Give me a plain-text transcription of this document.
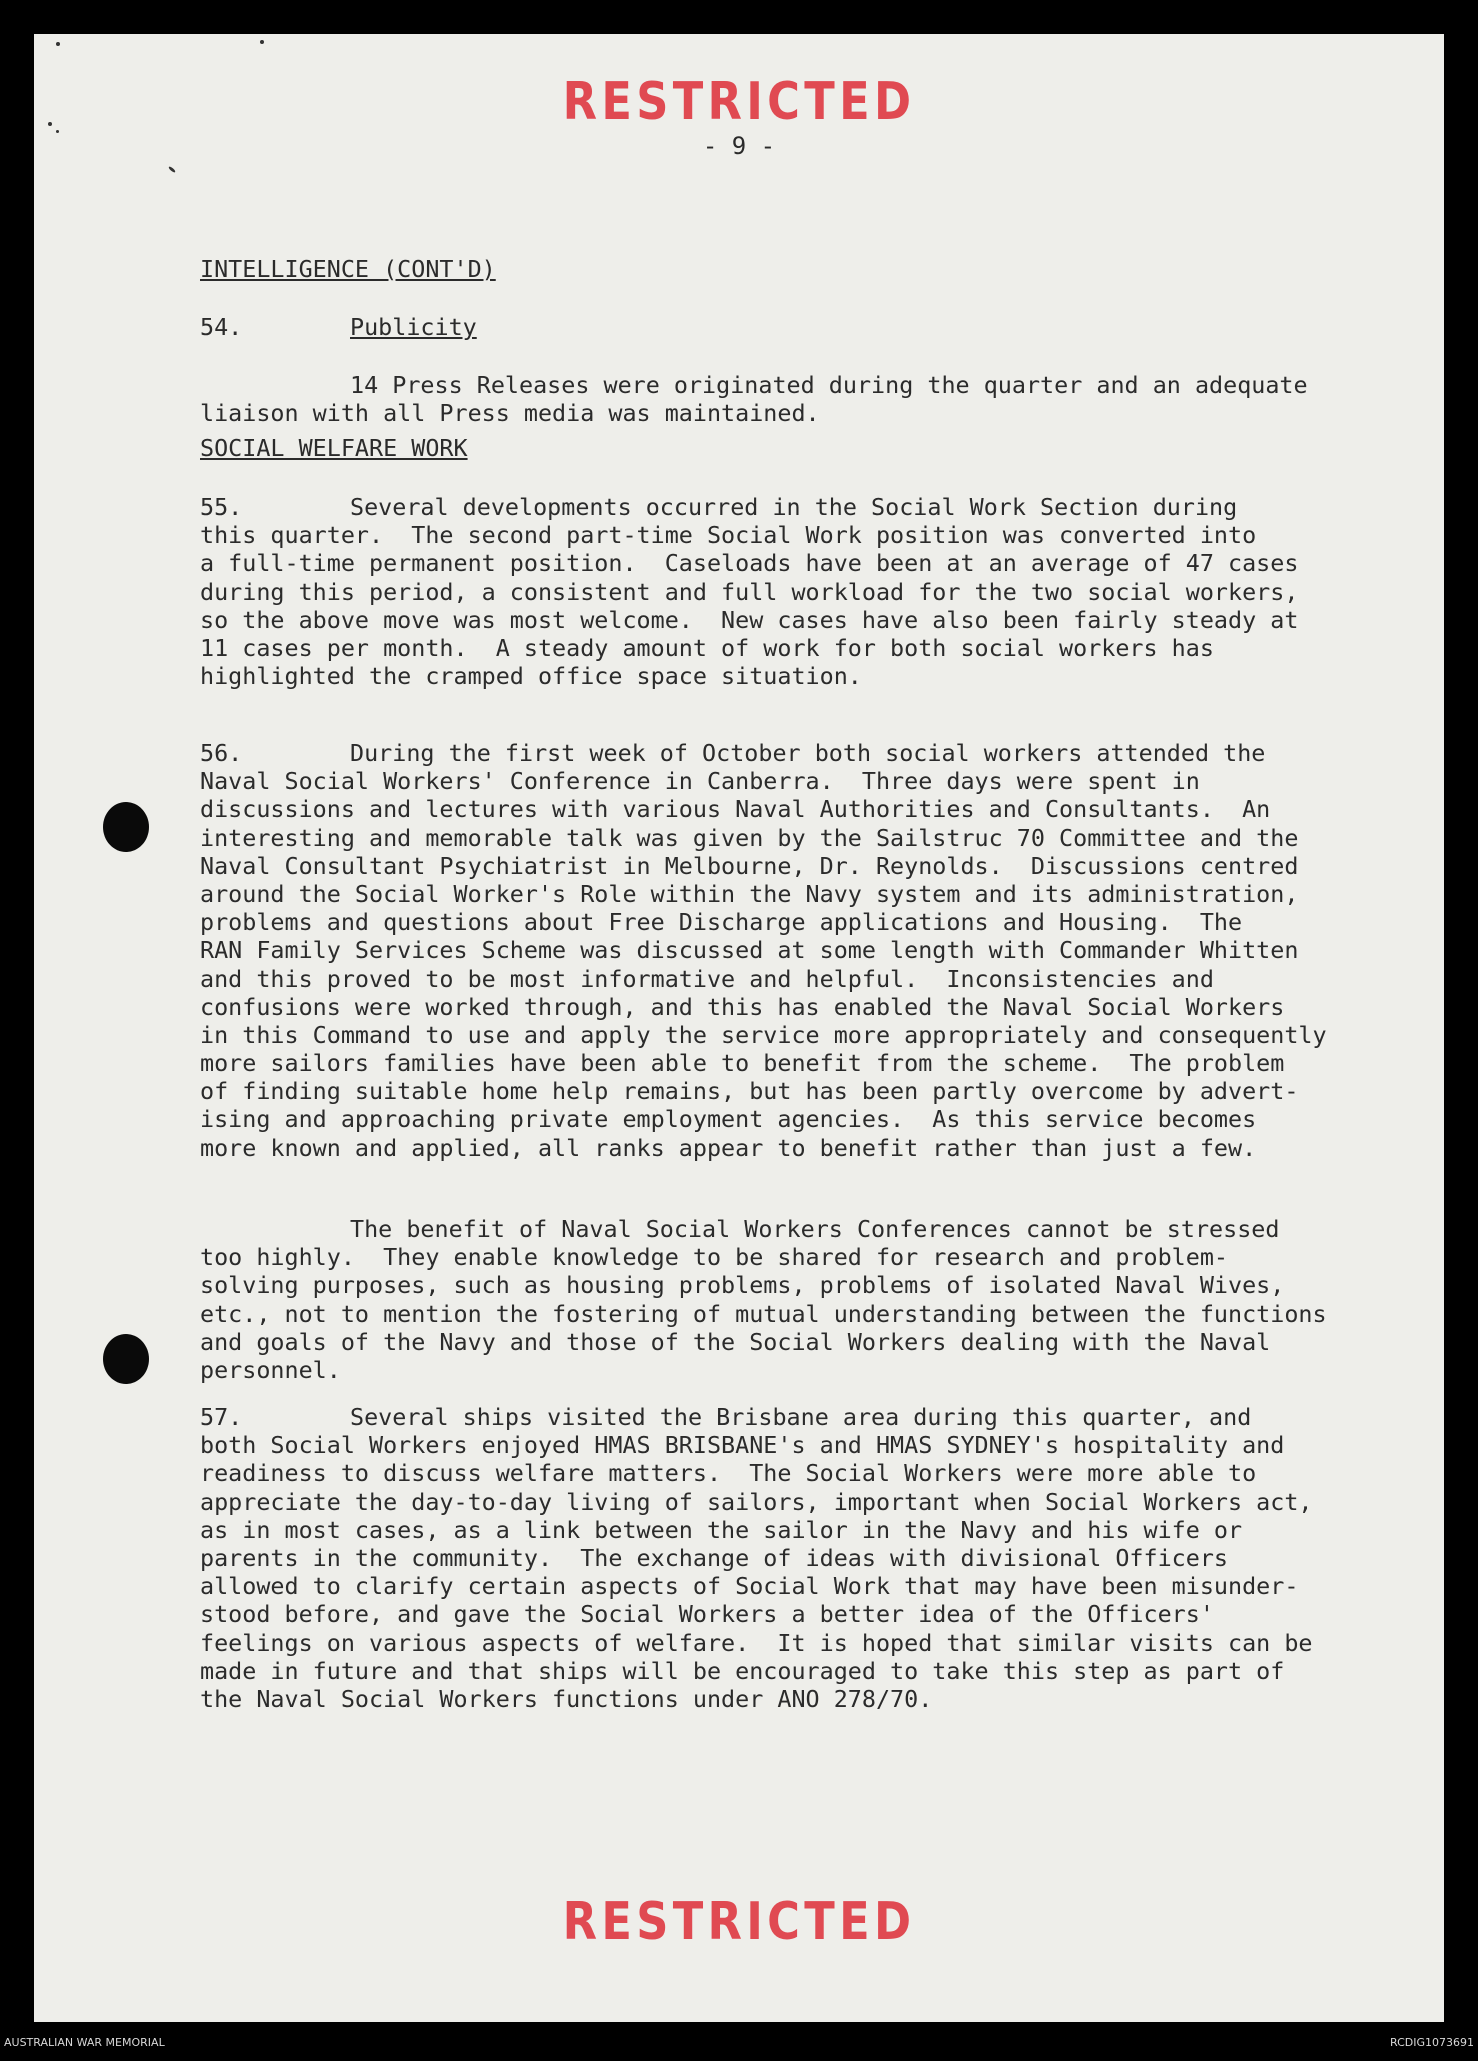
RESTRICTED
- 9 -
INTELLIGENCE (CONT'D)
54.	Publicity
14 Press Releases were originated during the quarter and an adequate
liaison with all Press media was maintained.
SOCIAL WELFARE WORK
55.	Several developments occurred in the Social Work Section during
this quarter.  The second part-time Social Work position was converted into
a full-time permanent position.  Caseloads have been at an average of 47 cases
during this period, a consistent and full workload for the two social workers,
so the above move was most welcome.  New cases have also been fairly steady at
11 cases per month.  A steady amount of work for both social workers has
highlighted the cramped office space situation.
56.	During the first week of October both social workers attended the
Naval Social Workers' Conference in Canberra.  Three days were spent in
discussions and lectures with various Naval Authorities and Consultants.  An
interesting and memorable talk was given by the Sailstruc 70 Committee and the
Naval Consultant Psychiatrist in Melbourne, Dr. Reynolds.  Discussions centred
around the Social Worker's Role within the Navy system and its administration,
problems and questions about Free Discharge applications and Housing.  The
RAN Family Services Scheme was discussed at some length with Commander Whitten
and this proved to be most informative and helpful.  Inconsistencies and
confusions were worked through, and this has enabled the Naval Social Workers
in this Command to use and apply the service more appropriately and consequently
more sailors families have been able to benefit from the scheme.  The problem
of finding suitable home help remains, but has been partly overcome by advert-
ising and approaching private employment agencies.  As this service becomes
more known and applied, all ranks appear to benefit rather than just a few.
The benefit of Naval Social Workers Conferences cannot be stressed
too highly.  They enable knowledge to be shared for research and problem-
solving purposes, such as housing problems, problems of isolated Naval Wives,
etc., not to mention the fostering of mutual understanding between the functions
and goals of the Navy and those of the Social Workers dealing with the Naval
personnel.
57.	Several ships visited the Brisbane area during this quarter, and
both Social Workers enjoyed HMAS BRISBANE's and HMAS SYDNEY's hospitality and
readiness to discuss welfare matters.  The Social Workers were more able to
appreciate the day-to-day living of sailors, important when Social Workers act,
as in most cases, as a link between the sailor in the Navy and his wife or
parents in the community.  The exchange of ideas with divisional Officers
allowed to clarify certain aspects of Social Work that may have been misunder-
stood before, and gave the Social Workers a better idea of the Officers'
feelings on various aspects of welfare.  It is hoped that similar visits can be
made in future and that ships will be encouraged to take this step as part of
the Naval Social Workers functions under ANO 278/70.
RESTRICTED
AUSTRALIAN WAR MEMORIAL	RCDIG1073691
